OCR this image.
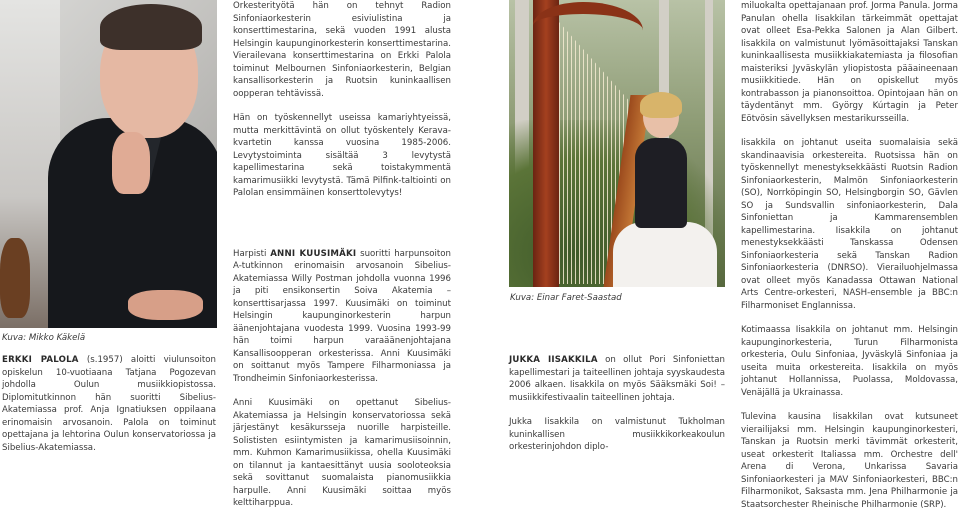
Kuva: Mikko Käkelä

ERKKI PALOLA (s.1957) aloitti viulunsoiton opiskelun 10-vuotiaana Tatjana Pogozevan johdolla Oulun musiikkiopistossa. Diplomitutkinnon hän suoritti Sibelius-Akatemiassa prof. Anja Ignatiuksen oppilaana erinomaisin arvosanoin. Palola on toiminut opettajana ja lehtorina Oulun konservatoriossa ja Sibelius-Akatemiassa.

Orkesterityötä hän on tehnyt Radion Sinfoniaorkesterin esiviulistina ja konserttimestarina, sekä vuoden 1991 alusta Helsingin kaupunginorkesterin konserttimestarina. Vierailevana konserttimestarina on Erkki Palola toiminut Melbournen Sinfoniaorkesterin, Belgian kansallisorkesterin ja Ruotsin kuninkaallisen oopperan tehtävissä.

Hän on työskennellyt useissa kamariyhtyeissä, mutta merkittävintä on ollut työskentely Kerava-kvartetin kanssa vuosina 1985-2006. Levytystoiminta sisältää 3 levytystä kapellimestarina sekä toistakymmentä kamarimusiikki levytystä. Tämä Pilfink-taltiointi on Palolan ensimmäinen konserttolevytys!

Harpisti ANNI KUUSIMÄKI suoritti harpunsoiton A-tutkinnon erinomaisin arvosanoin Sibelius-Akatemiassa Willy Postman johdolla vuonna 1996 ja piti ensikonsertin Soiva Akatemia –konserttisarjassa 1997. Kuusimäki on toiminut Helsingin kaupunginorkesterin harpun äänenjohtajana vuodesta 1999. Vuosina 1993-99 hän toimi harpun varaäänenjohtajana Kansallisoopperan orkesterissa. Anni Kuusimäki on soittanut myös Tampere Filharmoniassa ja Trondheimin Sinfoniaorkesterissa.

Anni Kuusimäki on opettanut Sibelius-Akatemiassa ja Helsingin konservatoriossa sekä järjestänyt kesäkursseja nuorille harpisteille. Solististen esiintymisten ja kamarimusiisoinnin, mm. Kuhmon Kamarimusiikissa, ohella Kuusimäki on tilannut ja kantaesittänyt uusia sooloteoksia sekä sovittanut suomalaista pianomusiikkia harpulle. Anni Kuusimäki soittaa myös kelttiharppua.

Kuva: Einar Faret-Saastad

JUKKA IISAKKILA on ollut Pori Sinfoniettan kapellimestari ja taiteellinen johtaja syyskaudesta 2006 alkaen. Iisakkila on myös Sääksmäki Soi! –musiikkifestivaalin taiteellinen johtaja.

Jukka Iisakkila on valmistunut Tukholman kuninkallisen musiikkikorkeakoulun orkesterinjohdon diplo-

miluokalta opettajanaan prof. Jorma Panula. Jorma Panulan ohella Iisakkilan tärkeimmät opettajat ovat olleet Esa-Pekka Salonen ja Alan Gilbert. Iisakkila on valmistunut lyömäsoittajaksi Tanskan kuninkaallisesta musiikkiakatemiasta ja filosofian maisteriksi Jyväskylän yliopistosta pääaineenaan musiikkitiede. Hän on opiskellut myös kontrabasson ja pianonsoittoa. Opintojaan hän on täydentänyt mm. György Kúrtagin ja Peter Eötvösin sävellyksen mestarikursseilla.

Iisakkila on johtanut useita suomalaisia sekä skandinaavisia orkestereita. Ruotsissa hän on työskennellyt menestyksekkäästi Ruotsin Radion Sinfoniaorkesterin, Malmön Sinfoniaorkesterin (SO), Norrköpingin SO, Helsingborgin SO, Gävlen SO ja Sundsvallin sinfoniaorkesterin, Dala Sinfoniettan ja Kammarensemblen kapellimestarina. Iisakkila on johtanut menestyksekkäästi Tanskassa Odensen Sinfoniaorkesteria sekä Tanskan Radion Sinfoniaorkesteria (DNRSO). Vierailuohjelmassa ovat olleet myös Kanadassa Ottawan National Arts Centre-orkesteri, NASH-ensemble ja BBC:n Filharmoniset Englannissa.

Kotimaassa Iisakkila on johtanut mm. Helsingin kaupunginorkesteria, Turun Filharmonista orkesteria, Oulu Sinfoniaa, Jyväskylä Sinfoniaa ja useita muita orkestereita. Iisakkila on myös johtanut Hollannissa, Puolassa, Moldovassa, Venäjällä ja Ukrainassa.

Tulevina kausina Iisakkilan ovat kutsuneet vierailijaksi mm. Helsingin kaupunginorkesteri, Tanskan ja Ruotsin merki tävimmät orkesterit, useat orkesterit Italiassa mm. Orchestre dell' Arena di Verona, Unkarissa Savaria Sinfoniaorkesteri ja MAV Sinfoniaorkesteri, BBC:n Filharmonikot, Saksasta mm. Jena Philharmonie ja Staatsorchester Rheinische Philharmonie (SRP).
